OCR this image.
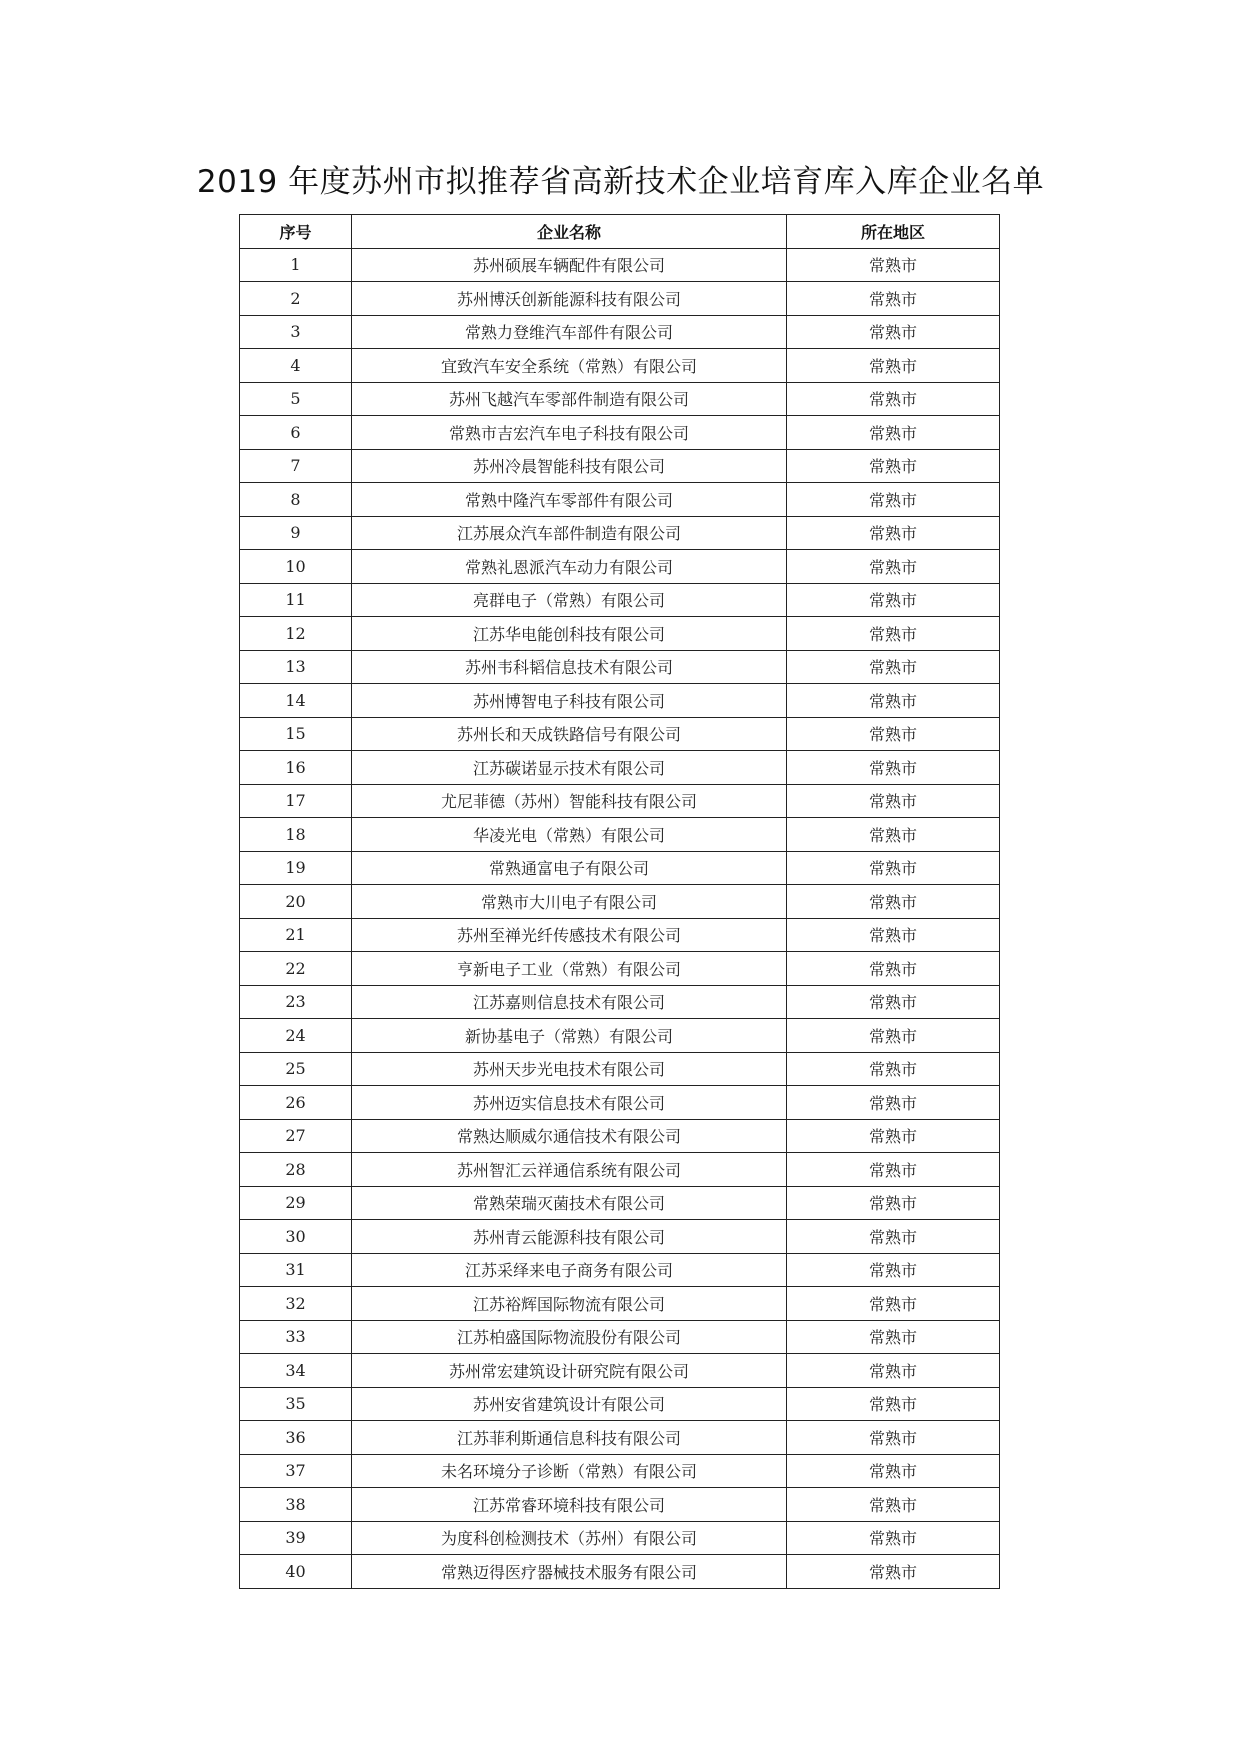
2019 年度苏州市拟推荐省高新技术企业培育库入库企业名单
序号	企业名称	所在地区
1	苏州硕展车辆配件有限公司	常熟市
2	苏州博沃创新能源科技有限公司	常熟市
3	常熟力登维汽车部件有限公司	常熟市
4	宜致汽车安全系统（常熟）有限公司	常熟市
5	苏州飞越汽车零部件制造有限公司	常熟市
6	常熟市吉宏汽车电子科技有限公司	常熟市
7	苏州冷晨智能科技有限公司	常熟市
8	常熟中隆汽车零部件有限公司	常熟市
9	江苏展众汽车部件制造有限公司	常熟市
10	常熟礼恩派汽车动力有限公司	常熟市
11	亮群电子（常熟）有限公司	常熟市
12	江苏华电能创科技有限公司	常熟市
13	苏州韦科韬信息技术有限公司	常熟市
14	苏州博智电子科技有限公司	常熟市
15	苏州长和天成铁路信号有限公司	常熟市
16	江苏碳诺显示技术有限公司	常熟市
17	尤尼菲德（苏州）智能科技有限公司	常熟市
18	华凌光电（常熟）有限公司	常熟市
19	常熟通富电子有限公司	常熟市
20	常熟市大川电子有限公司	常熟市
21	苏州至禅光纤传感技术有限公司	常熟市
22	亨新电子工业（常熟）有限公司	常熟市
23	江苏嘉则信息技术有限公司	常熟市
24	新协基电子（常熟）有限公司	常熟市
25	苏州天步光电技术有限公司	常熟市
26	苏州迈实信息技术有限公司	常熟市
27	常熟达顺威尔通信技术有限公司	常熟市
28	苏州智汇云祥通信系统有限公司	常熟市
29	常熟荣瑞灭菌技术有限公司	常熟市
30	苏州青云能源科技有限公司	常熟市
31	江苏采绎来电子商务有限公司	常熟市
32	江苏裕辉国际物流有限公司	常熟市
33	江苏柏盛国际物流股份有限公司	常熟市
34	苏州常宏建筑设计研究院有限公司	常熟市
35	苏州安省建筑设计有限公司	常熟市
36	江苏菲利斯通信息科技有限公司	常熟市
37	未名环境分子诊断（常熟）有限公司	常熟市
38	江苏常睿环境科技有限公司	常熟市
39	为度科创检测技术（苏州）有限公司	常熟市
40	常熟迈得医疗器械技术服务有限公司	常熟市
